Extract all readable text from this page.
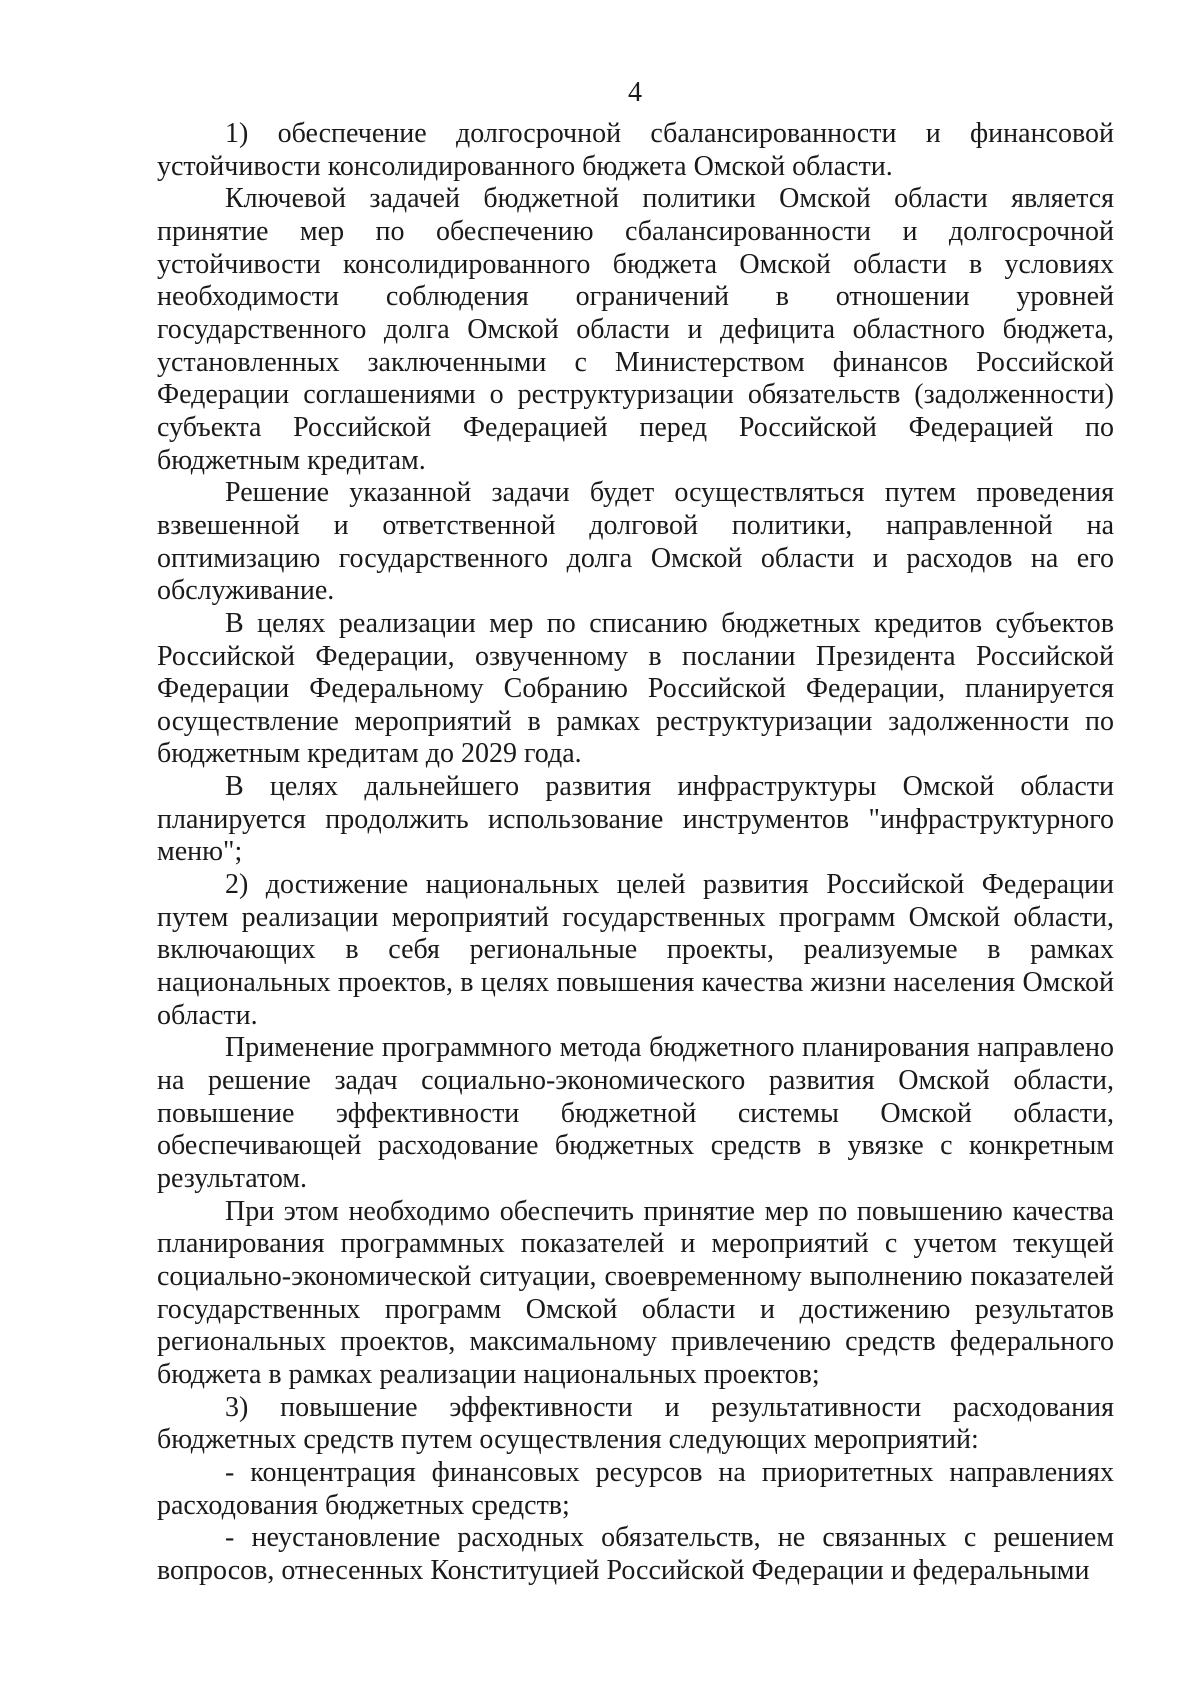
4

1) обеспечение долгосрочной сбалансированности и финансовой устойчивости консолидированного бюджета Омской области.

Ключевой задачей бюджетной политики Омской области является принятие мер по обеспечению сбалансированности и долгосрочной устойчивости консолидированного бюджета Омской области в условиях необходимости соблюдения ограничений в отношении уровней государственного долга Омской области и дефицита областного бюджета, установленных заключенными с Министерством финансов Российской Федерации соглашениями о реструктуризации обязательств (задолженности) субъекта Российской Федерацией перед Российской Федерацией по бюджетным кредитам.

Решение указанной задачи будет осуществляться путем проведения взвешенной и ответственной долговой политики, направленной на оптимизацию государственного долга Омской области и расходов на его обслуживание.

В целях реализации мер по списанию бюджетных кредитов субъектов Российской Федерации, озвученному в послании Президента Российской Федерации Федеральному Собранию Российской Федерации, планируется осуществление мероприятий в рамках реструктуризации задолженности по бюджетным кредитам до 2029 года.

В целях дальнейшего развития инфраструктуры Омской области планируется продолжить использование инструментов "инфраструктурного меню";

2) достижение национальных целей развития Российской Федерации путем реализации мероприятий государственных программ Омской области, включающих в себя региональные проекты, реализуемые в рамках национальных проектов, в целях повышения качества жизни населения Омской области.

Применение программного метода бюджетного планирования направлено на решение задач социально-экономического развития Омской области, повышение эффективности бюджетной системы Омской области, обеспечивающей расходование бюджетных средств в увязке с конкретным результатом.

При этом необходимо обеспечить принятие мер по повышению качества планирования программных показателей и мероприятий с учетом текущей социально-экономической ситуации, своевременному выполнению показателей государственных программ Омской области и достижению результатов региональных проектов, максимальному привлечению средств федерального бюджета в рамках реализации национальных проектов;

3) повышение эффективности и результативности расходования бюджетных средств путем осуществления следующих мероприятий:

- концентрация финансовых ресурсов на приоритетных направлениях расходования бюджетных средств;

- неустановление расходных обязательств, не связанных с решением вопросов, отнесенных Конституцией Российской Федерации и федеральными
